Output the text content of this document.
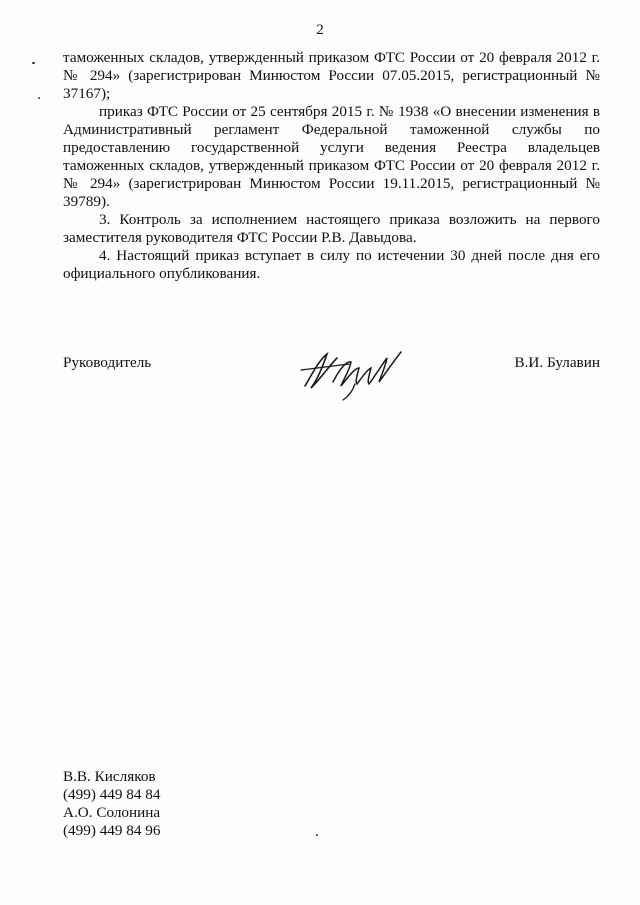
2

таможенных складов, утвержденный приказом ФТС России от 20 февраля 2012 г. № 294» (зарегистрирован Минюстом России 07.05.2015, регистрационный № 37167);

приказ ФТС России от 25 сентября 2015 г. № 1938 «О внесении изменения в Административный регламент Федеральной таможенной службы по предоставлению государственной услуги ведения Реестра владельцев таможенных складов, утвержденный приказом ФТС России от 20 февраля 2012 г. № 294» (зарегистрирован Минюстом России 19.11.2015, регистрационный № 39789).

3. Контроль за исполнением настоящего приказа возложить на первого заместителя руководителя ФТС России Р.В. Давыдова.

4. Настоящий приказ вступает в силу по истечении 30 дней после дня его официального опубликования.

Руководитель	В.И. Булавин
В.В. Кисляков
(499) 449 84 84
А.О. Солонина
(499) 449 84 96
